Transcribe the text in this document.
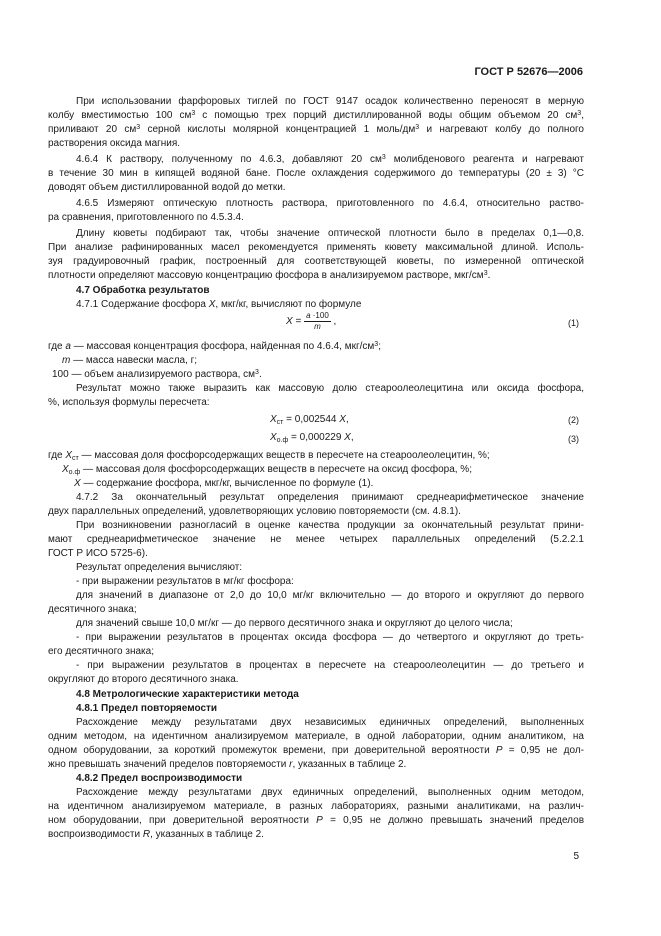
ГОСТ Р 52676—2006
При использовании фарфоровых тиглей по ГОСТ 9147 осадок количественно переносят в мерную
колбу вместимостью 100 $см^3$ с помощью трех порций дистиллированной воды общим объемом 20 $см^3$,
приливают 20 $см^3$ серной кислоты молярной концентрацией 1 моль/$дм^3$ и нагревают колбу до полного
растворения оксида магния.
4.6.4 К раствору, полученному по 4.6.3, добавляют 20 $см^3$ молибденового реагента и нагревают
в течение 30 мин в кипящей водяной бане. После охлаждения содержимого до температуры (20 ± 3) °С
доводят объем дистиллированной водой до метки.
4.6.5 Измеряют оптическую плотность раствора, приготовленного по 4.6.4, относительно раство-
ра сравнения, приготовленного по 4.5.3.4.
Длину кюветы подбирают так, чтобы значение оптической плотности было в пределах 0,1—0,8.
При анализе рафинированных масел рекомендуется применять кювету максимальной длиной. Исполь-
зуя градуировочный график, построенный для соответствующей кюветы, по измеренной оптической
плотности определяют массовую концентрацию фосфора в анализируемом растворе, мкг/$см^3$.
4.7 Обработка результатов
4.7.1 Содержание фосфора X, мкг/кг, вычисляют по формуле
$X = \frac{a \cdot 100}{m}$ ,	(1)
где a — массовая концентрация фосфора, найденная по 4.6.4, мкг/$см^3$;
m — масса навески масла, г;
100 — объем анализируемого раствора, $см^3$.
Результат можно также выразить как массовую долю стеароолеолецитина или оксида фосфора,
%, используя формулы пересчета:
$X_{ст} = 0,002544$ X,	(2)
$X_{о.ф} = 0,000229$ X,	(3)
где $X_{ст}$ — массовая доля фосфорсодержащих веществ в пересчете на стеароолеолецитин, %;
$X_{о.ф}$ — массовая доля фосфорсодержащих веществ в пересчете на оксид фосфора, %;
X — содержание фосфора, мкг/кг, вычисленное по формуле (1).
4.7.2 За окончательный результат определения принимают среднеарифметическое значение
двух параллельных определений, удовлетворяющих условию повторяемости (см. 4.8.1).
При возникновении разногласий в оценке качества продукции за окончательный результат прини-
мают среднеарифметическое значение не менее четырех параллельных определений (5.2.2.1
ГОСТ Р ИСО 5725-6).
Результат определения вычисляют:
- при выражении результатов в мг/кг фосфора:
для значений в диапазоне от 2,0 до 10,0 мг/кг включительно — до второго и округляют до первого
десятичного знака;
для значений свыше 10,0 мг/кг — до первого десятичного знака и округляют до целого числа;
- при выражении результатов в процентах оксида фосфора — до четвертого и округляют до треть-
его десятичного знака;
- при выражении результатов в процентах в пересчете на стеароолеолецитин — до третьего и
округляют до второго десятичного знака.
4.8 Метрологические характеристики метода
4.8.1 Предел повторяемости
Расхождение между результатами двух независимых единичных определений, выполненных
одним методом, на идентичном анализируемом материале, в одной лаборатории, одним аналитиком, на
одном оборудовании, за короткий промежуток времени, при доверительной вероятности P = 0,95 не дол-
жно превышать значений пределов повторяемости r, указанных в таблице 2.
4.8.2 Предел воспроизводимости
Расхождение между результатами двух единичных определений, выполненных одним методом,
на идентичном анализируемом материале, в разных лабораториях, разными аналитиками, на различ-
ном оборудовании, при доверительной вероятности P = 0,95 не должно превышать значений пределов
воспроизводимости R, указанных в таблице 2.
5
